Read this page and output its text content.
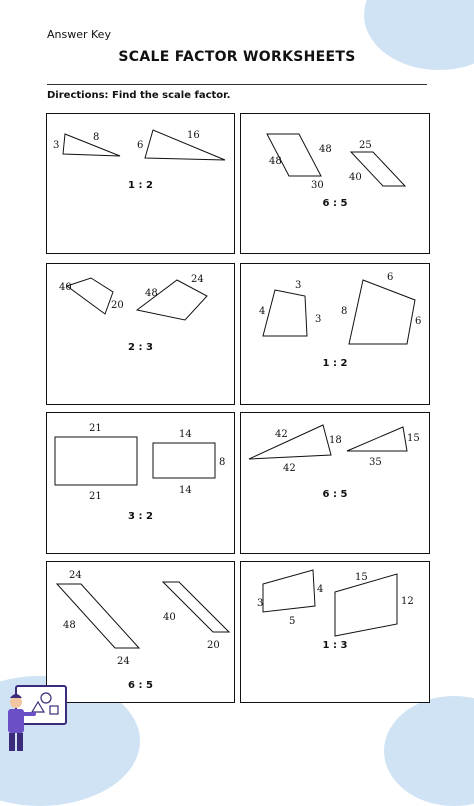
Answer Key
SCALE FACTOR WORKSHEETS
Directions: Find the scale factor.
3
8
6
16
1 : 2
48
48
30
25
40
6 : 5
40
20
48
24
2 : 3
3
4
3
6
8
6
1 : 2
21
21
14
8
14
3 : 2
42
18
42
15
35
6 : 5
24
48
24
40
20
6 : 5
3
4
5
15
12
1 : 3
WORKSHEETSGO
